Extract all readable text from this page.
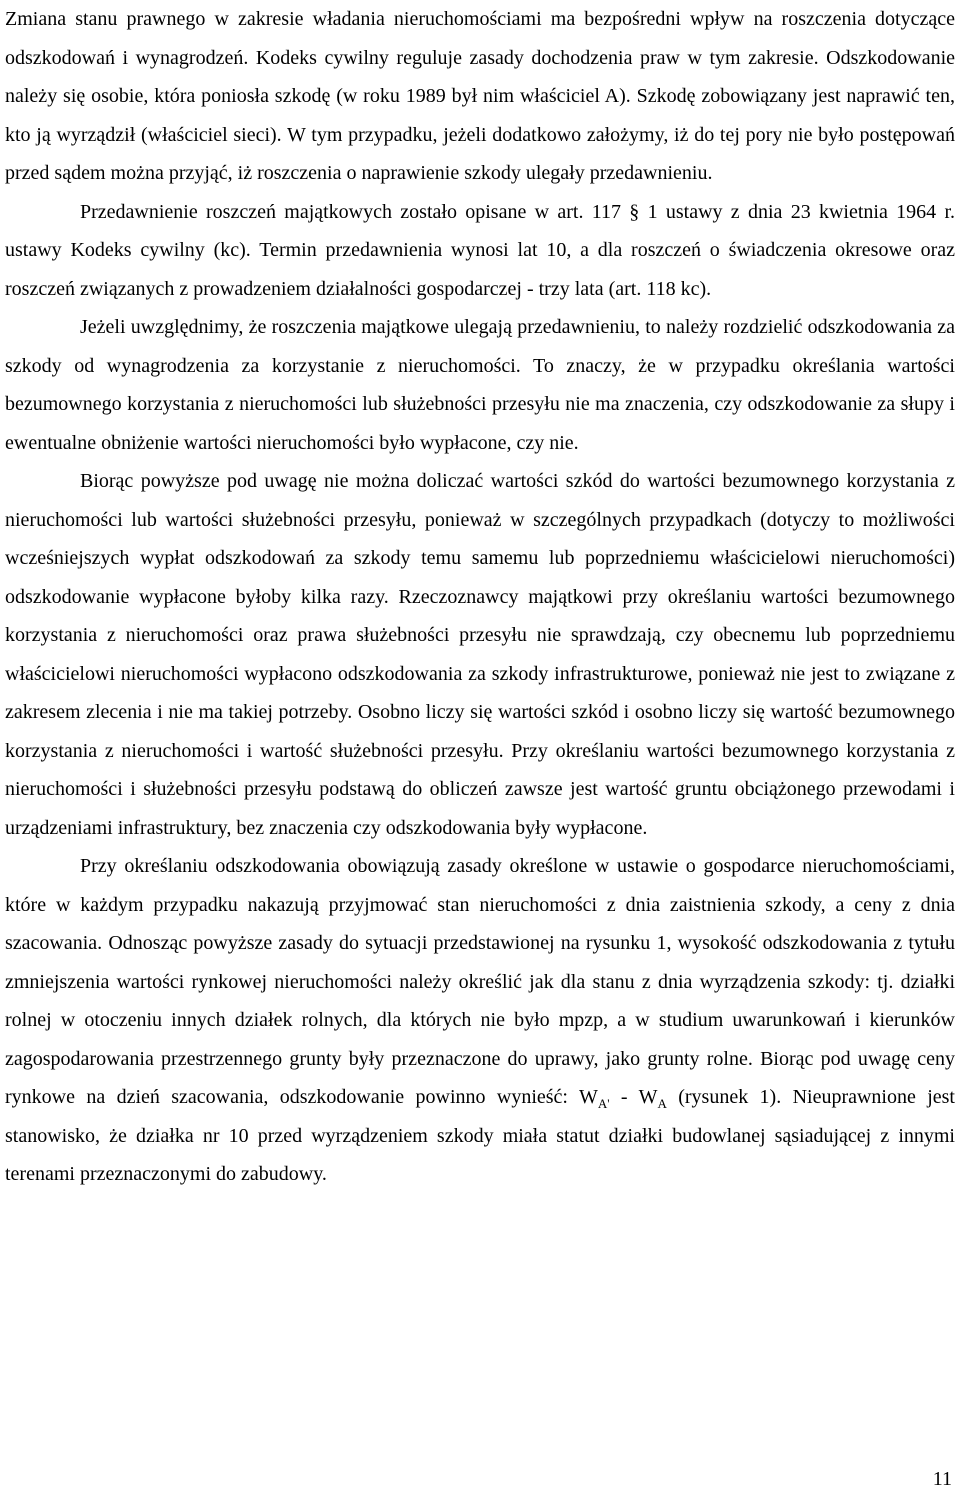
Zmiana stanu prawnego w zakresie władania nieruchomościami ma bezpośredni wpływ na roszczenia dotyczące odszkodowań i wynagrodzeń. Kodeks cywilny reguluje zasady dochodzenia praw w tym zakresie. Odszkodowanie należy się osobie, która poniosła szkodę (w roku 1989 był nim właściciel A). Szkodę zobowiązany jest naprawić ten, kto ją wyrządził (właściciel sieci). W tym przypadku, jeżeli dodatkowo założymy, iż do tej pory nie było postępowań przed sądem można przyjąć, iż roszczenia o naprawienie szkody ulegały przedawnieniu.

Przedawnienie roszczeń majątkowych zostało opisane w art. 117 § 1 ustawy z dnia 23 kwietnia 1964 r. ustawy Kodeks cywilny (kc). Termin przedawnienia wynosi lat 10, a dla roszczeń o świadczenia okresowe oraz roszczeń związanych z prowadzeniem działalności gospodarczej - trzy lata (art. 118 kc).

Jeżeli uwzględnimy, że roszczenia majątkowe ulegają przedawnieniu, to należy rozdzielić odszkodowania za szkody od wynagrodzenia za korzystanie z nieruchomości. To znaczy, że w przypadku określania wartości bezumownego korzystania z nieruchomości lub służebności przesyłu nie ma znaczenia, czy odszkodowanie za słupy i ewentualne obniżenie wartości nieruchomości było wypłacone, czy nie.

Biorąc powyższe pod uwagę nie można doliczać wartości szkód do wartości bezumownego korzystania z nieruchomości lub wartości służebności przesyłu, ponieważ w szczególnych przypadkach (dotyczy to możliwości wcześniejszych wypłat odszkodowań za szkody temu samemu lub poprzedniemu właścicielowi nieruchomości) odszkodowanie wypłacone byłoby kilka razy. Rzeczoznawcy majątkowi przy określaniu wartości bezumownego korzystania z nieruchomości oraz prawa służebności przesyłu nie sprawdzają, czy obecnemu lub poprzedniemu właścicielowi nieruchomości wypłacono odszkodowania za szkody infrastrukturowe, ponieważ nie jest to związane z zakresem zlecenia i nie ma takiej potrzeby. Osobno liczy się wartości szkód i osobno liczy się wartość bezumownego korzystania z nieruchomości i wartość służebności przesyłu. Przy określaniu wartości bezumownego korzystania z nieruchomości i służebności przesyłu podstawą do obliczeń zawsze jest wartość gruntu obciążonego przewodami i urządzeniami infrastruktury, bez znaczenia czy odszkodowania były wypłacone.

Przy określaniu odszkodowania obowiązują zasady określone w ustawie o gospodarce nieruchomościami, które w każdym przypadku nakazują przyjmować stan nieruchomości z dnia zaistnienia szkody, a ceny z dnia szacowania. Odnosząc powyższe zasady do sytuacji przedstawionej na rysunku 1, wysokość odszkodowania z tytułu zmniejszenia wartości rynkowej nieruchomości należy określić jak dla stanu z dnia wyrządzenia szkody: tj. działki rolnej w otoczeniu innych działek rolnych, dla których nie było mpzp, a w studium uwarunkowań i kierunków zagospodarowania przestrzennego grunty były przeznaczone do uprawy, jako grunty rolne. Biorąc pod uwagę ceny rynkowe na dzień szacowania, odszkodowanie powinno wynieść: $W_{A'} - W_A$ (rysunek 1). Nieuprawnione jest stanowisko, że działka nr 10 przed wyrządzeniem szkody miała statut działki budowlanej sąsiadującej z innymi terenami przeznaczonymi do zabudowy.

11
